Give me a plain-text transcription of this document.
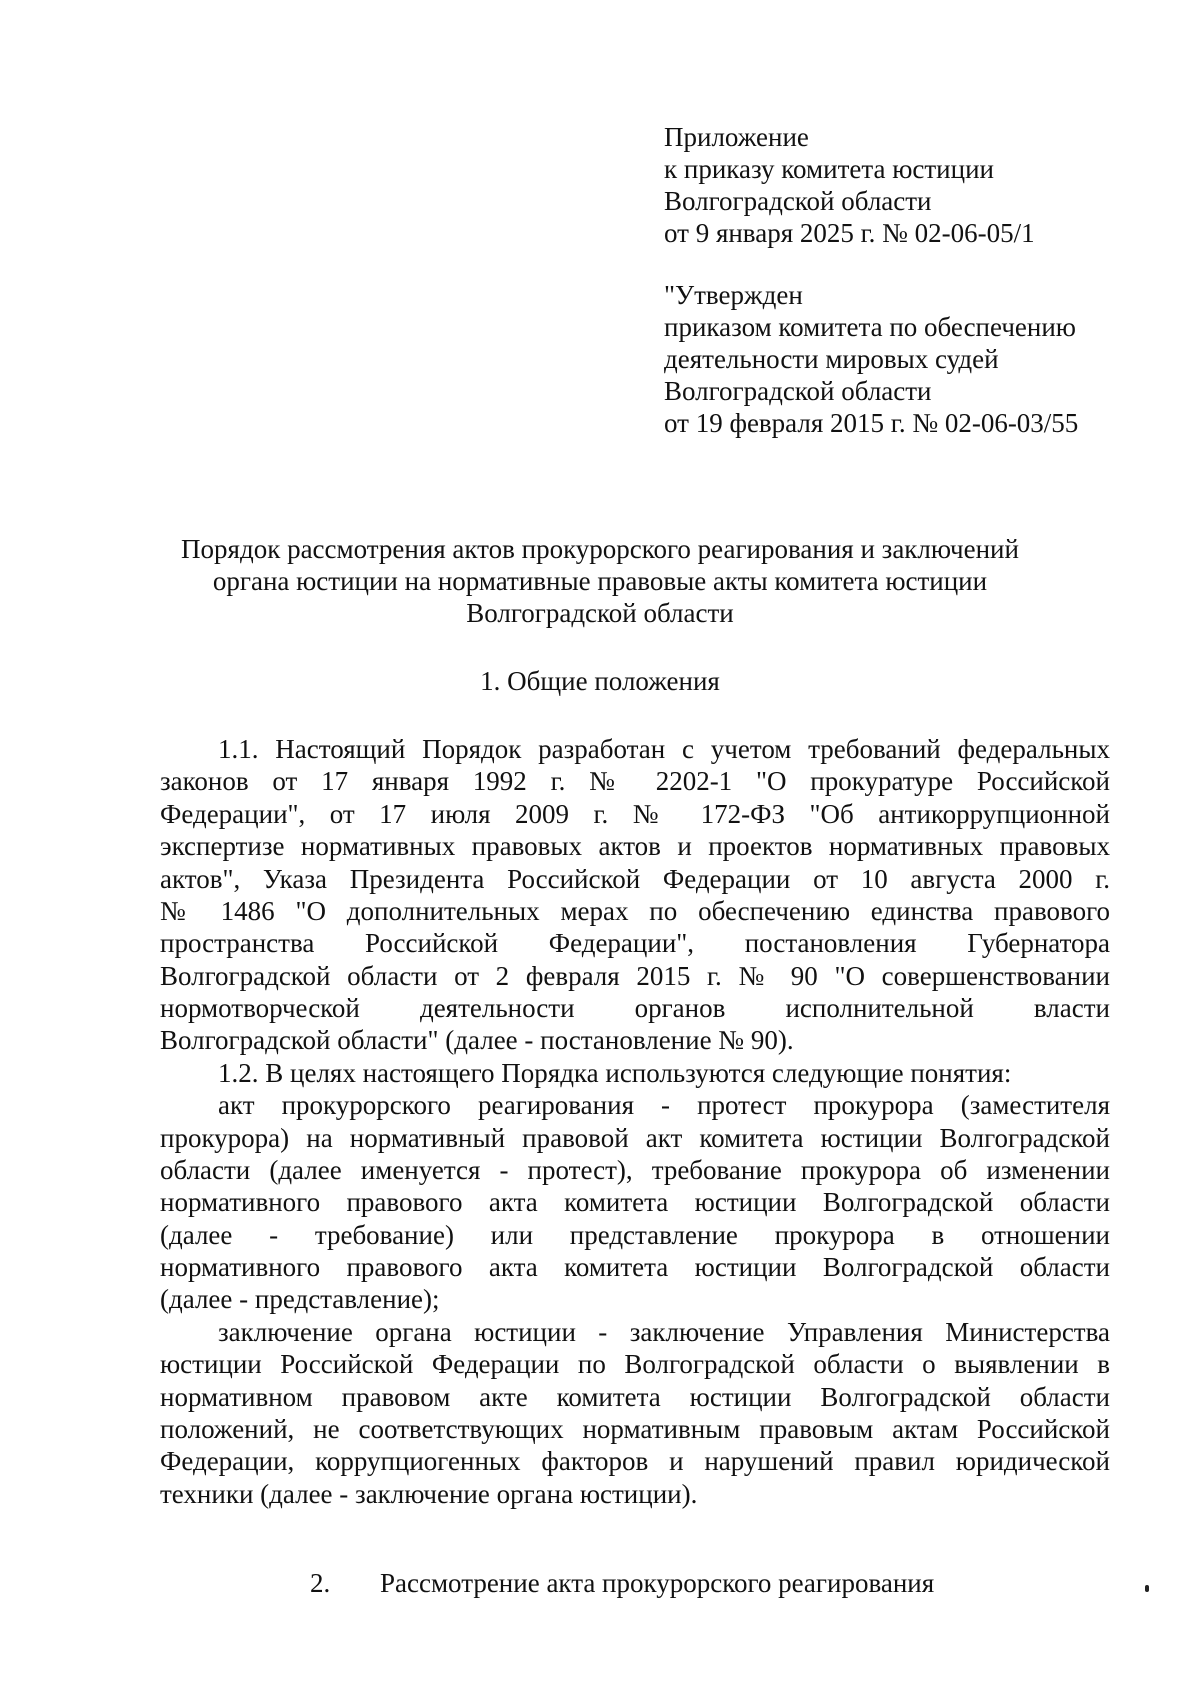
Приложение
к приказу комитета юстиции
Волгоградской области
от 9 января 2025 г. № 02-06-05/1
"Утвержден
приказом комитета по обеспечению
деятельности мировых судей
Волгоградской области
от 19 февраля 2015 г. № 02-06-03/55
Порядок рассмотрения актов прокурорского реагирования и заключений
органа юстиции на нормативные правовые акты комитета юстиции
Волгоградской области
1. Общие положения
1.1. Настоящий Порядок разработан с учетом требований федеральных
законов от 17 января 1992 г. № 2202-1 "О прокуратуре Российской
Федерации", от 17 июля 2009 г. № 172-ФЗ "Об антикоррупционной
экспертизе нормативных правовых актов и проектов нормативных правовых
актов", Указа Президента Российской Федерации от 10 августа 2000 г.
№ 1486 "О дополнительных мерах по обеспечению единства правового
пространства Российской Федерации", постановления Губернатора
Волгоградской области от 2 февраля 2015 г. № 90 "О совершенствовании
нормотворческой деятельности органов исполнительной власти
Волгоградской области" (далее - постановление № 90).
1.2. В целях настоящего Порядка используются следующие понятия:
акт прокурорского реагирования - протест прокурора (заместителя
прокурора) на нормативный правовой акт комитета юстиции Волгоградской
области (далее именуется - протест), требование прокурора об изменении
нормативного правового акта комитета юстиции Волгоградской области
(далее - требование) или представление прокурора в отношении
нормативного правового акта комитета юстиции Волгоградской области
(далее - представление);
заключение органа юстиции - заключение Управления Министерства
юстиции Российской Федерации по Волгоградской области о выявлении в
нормативном правовом акте комитета юстиции Волгоградской области
положений, не соответствующих нормативным правовым актам Российской
Федерации, коррупциогенных факторов и нарушений правил юридической
техники (далее - заключение органа юстиции).
2. Рассмотрение акта прокурорского реагирования
